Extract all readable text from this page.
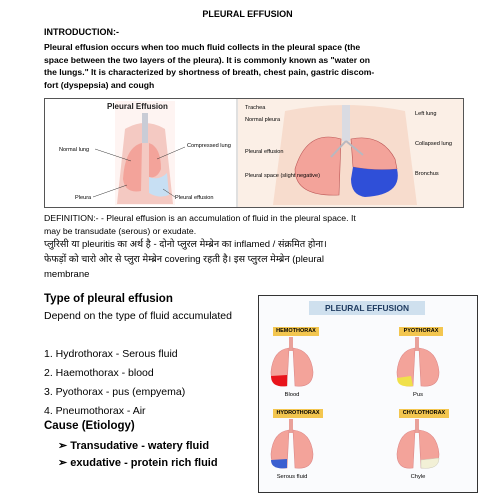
PLEURAL EFFUSION
INTRODUCTION:-
Pleural effusion occurs when too much fluid collects in the pleural space (the
space between the two layers of the pleura). It is commonly known as "water on
the lungs." It is characterized by shortness of breath, chest pain, gastric discom-
fort (dyspepsia) and cough
Pleural Effusion
Normal lung
Compressed lung
Pleura	Pleural effusion
Trachea
Normal pleura
Pleural effusion
Pleural space (slight negative)
Left lung
Collapsed lung
Bronchus
DEFINITION:- - Pleural effusion is an accumulation of fluid in the pleural space. It
may be transudate (serous) or exudate.
प्लुरिसी या pleuritis का अर्थ है - दोनो प्लुरल मेम्ब्रेन का inflamed / संक्रमित होना।
फेफड़ों को चारो ओर से प्लुरा मेम्ब्रेन covering रहती है। इस प्लुरल मेम्ब्रेन (pleural
membrane
Type of pleural effusion
Depend on the type of fluid accumulated
1. Hydrothorax - Serous fluid
2. Haemothorax - blood
3. Pyothorax - pus (empyema)
4. Pneumothorax - Air
Cause (Etiology)
➢ Transudative - watery fluid
➢ exudative - protein rich fluid
PLEURAL EFFUSION
HEMOTHORAX	PYOTHORAX
HYDROTHORAX	CHYLOTHORAX
Blood	Pus
Serous fluid	Chyle
